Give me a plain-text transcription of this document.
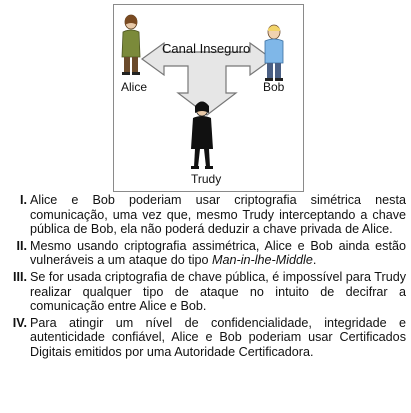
Canal Inseguro
Alice	Bob
Trudy
I. Alice e Bob poderiam usar criptografia simétrica nesta comunicação, uma vez que, mesmo Trudy interceptando a chave pública de Bob, ela não poderá deduzir a chave privada de Alice.
II. Mesmo usando criptografia assimétrica, Alice e Bob ainda estão vulneráveis a um ataque do tipo Man-in-lhe-Middle.
III. Se for usada criptografia de chave pública, é impossível para Trudy realizar qualquer tipo de ataque no intuito de decifrar a comunicação entre Alice e Bob.
IV. Para atingir um nível de confidencialidade, integridade e autenticidade confiável, Alice e Bob poderiam usar Certificados Digitais emitidos por uma Autoridade Certificadora.
